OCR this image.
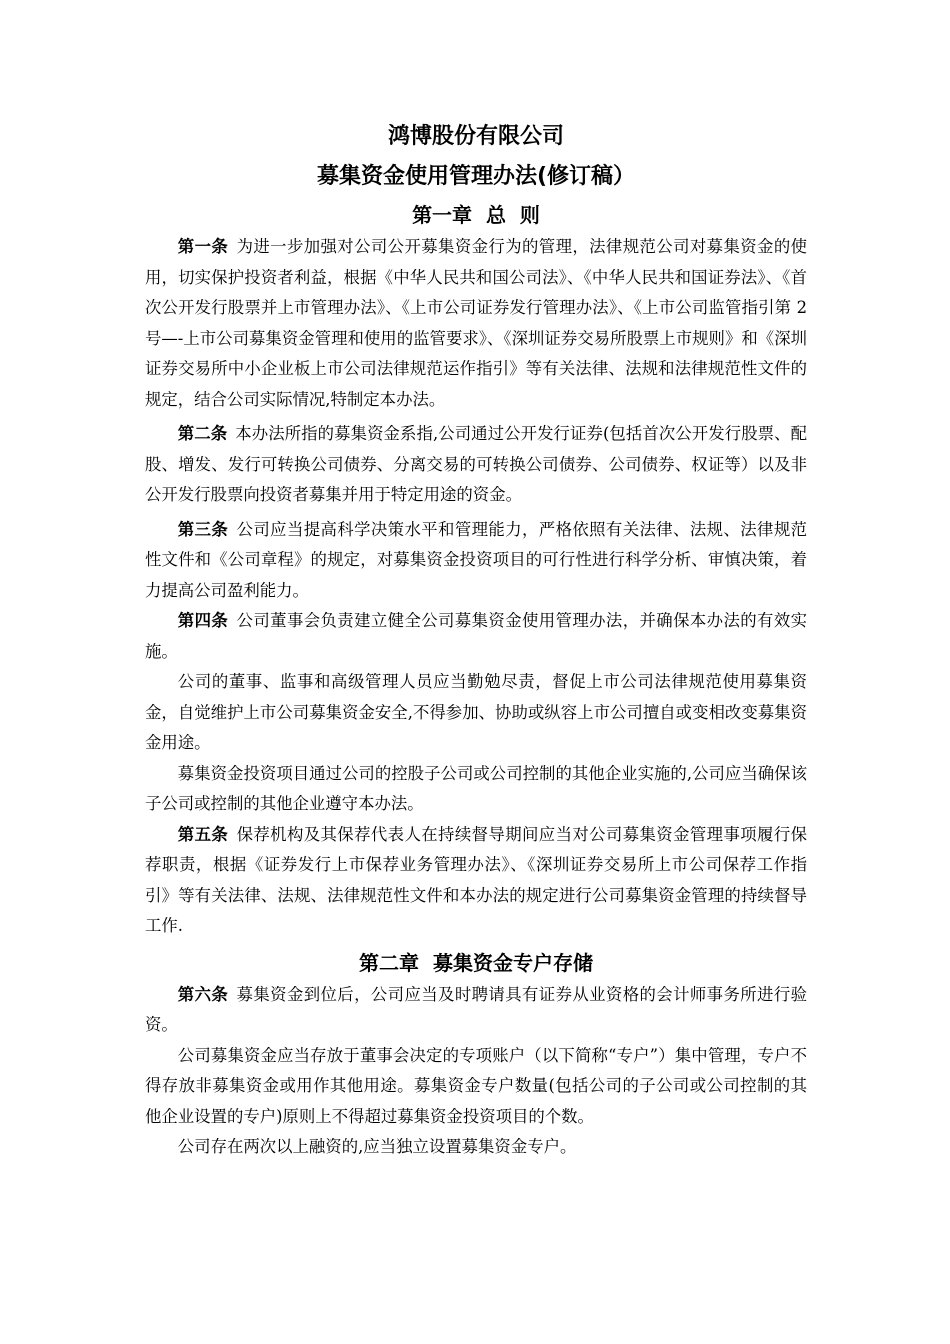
鸿博股份有限公司
募集资金使用管理办法(修订稿）
第一章  总  则

第一条 为进一步加强对公司公开募集资金行为的管理，法律规范公司对募集资金的使用，切实保护投资者利益，根据《中华人民共和国公司法》、《中华人民共和国证券法》、《首次公开发行股票并上市管理办法》、《上市公司证券发行管理办法》、《上市公司监管指引第 2 号—-上市公司募集资金管理和使用的监管要求》、《深圳证券交易所股票上市规则》和《深圳证券交易所中小企业板上市公司法律规范运作指引》等有关法律、法规和法律规范性文件的规定，结合公司实际情况,特制定本办法。

第二条 本办法所指的募集资金系指,公司通过公开发行证券(包括首次公开发行股票、配股、增发、发行可转换公司债券、分离交易的可转换公司债券、公司债券、权证等）以及非公开发行股票向投资者募集并用于特定用途的资金。

第三条 公司应当提高科学决策水平和管理能力，严格依照有关法律、法规、法律规范性文件和《公司章程》的规定，对募集资金投资项目的可行性进行科学分析、审慎决策，着力提高公司盈利能力。

第四条 公司董事会负责建立健全公司募集资金使用管理办法，并确保本办法的有效实施。

公司的董事、监事和高级管理人员应当勤勉尽责，督促上市公司法律规范使用募集资金，自觉维护上市公司募集资金安全,不得参加、协助或纵容上市公司擅自或变相改变募集资金用途。

募集资金投资项目通过公司的控股子公司或公司控制的其他企业实施的,公司应当确保该子公司或控制的其他企业遵守本办法。

第五条 保荐机构及其保荐代表人在持续督导期间应当对公司募集资金管理事项履行保荐职责，根据《证券发行上市保荐业务管理办法》、《深圳证券交易所上市公司保荐工作指引》等有关法律、法规、法律规范性文件和本办法的规定进行公司募集资金管理的持续督导工作.

第二章  募集资金专户存储

第六条 募集资金到位后，公司应当及时聘请具有证券从业资格的会计师事务所进行验资。

公司募集资金应当存放于董事会决定的专项账户（以下简称“专户”）集中管理，专户不得存放非募集资金或用作其他用途。募集资金专户数量(包括公司的子公司或公司控制的其他企业设置的专户)原则上不得超过募集资金投资项目的个数。

公司存在两次以上融资的,应当独立设置募集资金专户。
